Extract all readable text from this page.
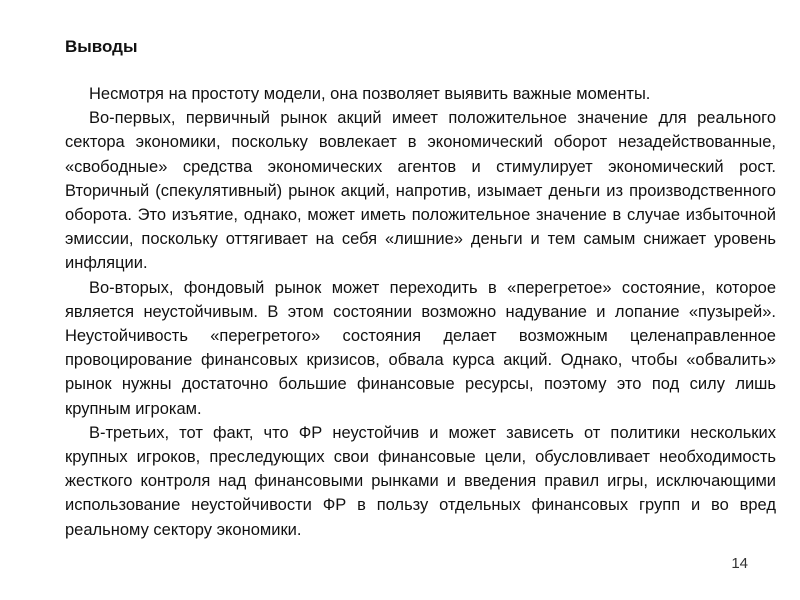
Выводы

Несмотря на простоту модели, она позволяет выявить важные моменты.

Во-первых, первичный рынок акций имеет положительное значение для реального сектора экономики, поскольку вовлекает в экономический оборот незадействованные, «свободные» средства экономических агентов и стимулирует экономический рост. Вторичный (спекулятивный) рынок акций, напротив, изымает деньги из производственного оборота. Это изъятие, однако, может иметь положительное значение в случае избыточной эмиссии, поскольку оттягивает на себя «лишние» деньги и тем самым снижает уровень инфляции.

Во-вторых, фондовый рынок может переходить в «перегретое» состояние, которое является неустойчивым. В этом состоянии возможно надувание и лопание «пузырей». Неустойчивость «перегретого» состояния делает возможным целенаправленное провоцирование финансовых кризисов, обвала курса акций. Однако, чтобы «обвалить» рынок нужны достаточно большие финансовые ресурсы, поэтому это под силу лишь крупным игрокам.

В-третьих, тот факт, что ФР неустойчив и может зависеть от политики нескольких крупных игроков, преследующих свои финансовые цели, обусловливает необходимость жесткого контроля над финансовыми рынками и введения правил игры, исключающими использование неустойчивости ФР в пользу отдельных финансовых групп и во вред реальному сектору экономики.

14
